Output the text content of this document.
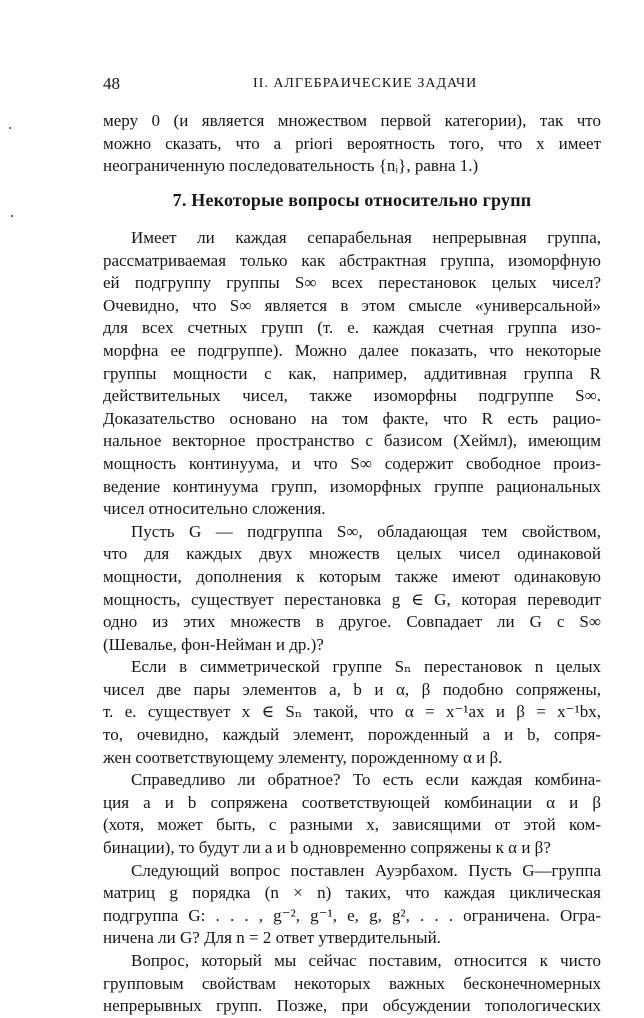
48	II. АЛГЕБРАИЧЕСКИЕ ЗАДАЧИ
меру 0 (и является множеством первой категории), так что
можно сказать, что a priori вероятность того, что x имеет
неограниченную последовательность {nᵢ}, равна 1.)
7. Некоторые вопросы относительно групп
Имеет ли каждая сепарабельная непрерывная группа,
рассматриваемая только как абстрактная группа, изоморфную
ей подгруппу группы S∞ всех перестановок целых чисел?
Очевидно, что S∞ является в этом смысле «универсальной»
для всех счетных групп (т. е. каждая счетная группа изо-
морфна ее подгруппе). Можно далее показать, что некоторые
группы мощности c как, например, аддитивная группа R
действительных чисел, также изоморфны подгруппе S∞.
Доказательство основано на том факте, что R есть рацио-
нальное векторное пространство с базисом (Хеймл), имеющим
мощность континуума, и что S∞ содержит свободное произ-
ведение континуума групп, изоморфных группе рациональных
чисел относительно сложения.
Пусть G — подгруппа S∞, обладающая тем свойством,
что для каждых двух множеств целых чисел одинаковой
мощности, дополнения к которым также имеют одинаковую
мощность, существует перестановка g ∈ G, которая переводит
одно из этих множеств в другое. Совпадает ли G с S∞
(Шевалье, фон-Нейман и др.)?
Если в симметрической группе Sₙ перестановок n целых
чисел две пары элементов a, b и α, β подобно сопряжены,
т. е. существует x ∈ Sₙ такой, что α = x⁻¹ax и β = x⁻¹bx,
то, очевидно, каждый элемент, порожденный a и b, сопря-
жен соответствующему элементу, порожденному α и β.
Справедливо ли обратное? То есть если каждая комбина-
ция a и b сопряжена соответствующей комбинации α и β
(хотя, может быть, с разными x, зависящими от этой ком-
бинации), то будут ли a и b одновременно сопряжены к α и β?
Следующий вопрос поставлен Ауэрбахом. Пусть G—группа
матриц g порядка (n × n) таких, что каждая циклическая
подгруппа G: . . . , g⁻², g⁻¹, e, g, g², . . . ограничена. Огра-
ничена ли G? Для n = 2 ответ утвердительный.
Вопрос, который мы сейчас поставим, относится к чисто
групповым свойствам некоторых важных бесконечномерных
непрерывных групп. Позже, при обсуждении топологических
